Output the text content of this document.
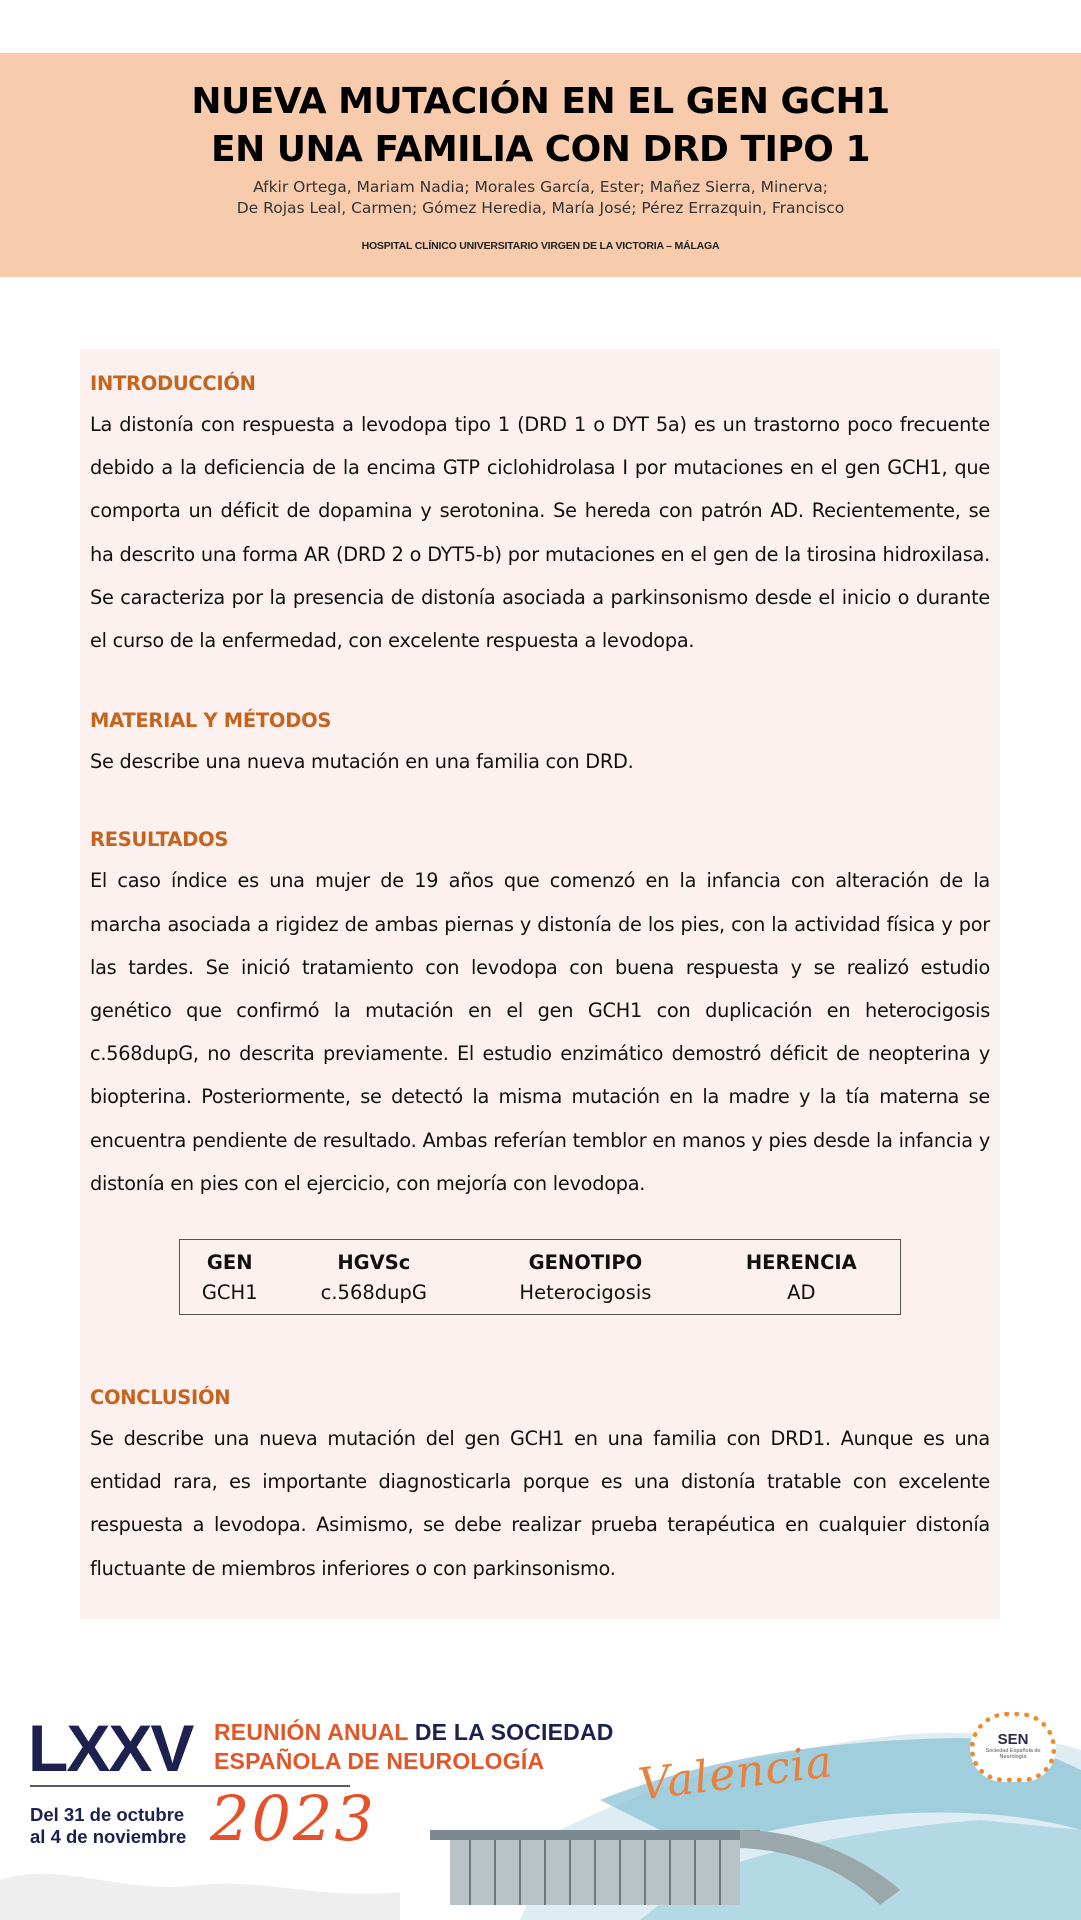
NUEVA MUTACIÓN EN EL GEN GCH1
EN UNA FAMILIA CON DRD TIPO 1
Afkir Ortega, Mariam Nadia; Morales García, Ester; Mañez Sierra, Minerva;
De Rojas Leal, Carmen; Gómez Heredia, María José; Pérez Errazquin, Francisco
HOSPITAL CLÍNICO UNIVERSITARIO VIRGEN DE LA VICTORIA – MÁLAGA
INTRODUCCIÓN

La distonía con respuesta a levodopa tipo 1 (DRD 1 o DYT 5a) es un trastorno poco frecuente debido a la deficiencia de la encima GTP ciclohidrolasa I por mutaciones en el gen GCH1, que comporta un déficit de dopamina y serotonina. Se hereda con patrón AD. Recientemente, se ha descrito una forma AR (DRD 2 o DYT5-b) por mutaciones en el gen de la tirosina hidroxilasa. Se caracteriza por la presencia de distonía asociada a parkinsonismo desde el inicio o durante el curso de la enfermedad, con excelente respuesta a levodopa.

MATERIAL Y MÉTODOS

Se describe una nueva mutación en una familia con DRD.

RESULTADOS

El caso índice es una mujer de 19 años que comenzó en la infancia con alteración de la marcha asociada a rigidez de ambas piernas y distonía de los pies, con la actividad física y por las tardes. Se inició tratamiento con levodopa con buena respuesta y se realizó estudio genético que confirmó la mutación en el gen GCH1 con duplicación en heterocigosis c.568dupG, no descrita previamente. El estudio enzimático demostró déficit de neopterina y biopterina. Posteriormente, se detectó la misma mutación en la madre y la tía materna se encuentra pendiente de resultado. Ambas referían temblor en manos y pies desde la infancia y distonía en pies con el ejercicio, con mejoría con levodopa.

GEN	HGVSc	GENOTIPO	HERENCIA
GCH1	c.568dupG	Heterocigosis	AD
CONCLUSIÓN

Se describe una nueva mutación del gen GCH1 en una familia con DRD1. Aunque es una entidad rara, es importante diagnosticarla porque es una distonía tratable con excelente respuesta a levodopa. Asimismo, se debe realizar prueba terapéutica en cualquier distonía fluctuante de miembros inferiores o con parkinsonismo.

LXXV REUNIÓN ANUAL DE LA SOCIEDAD
ESPAÑOLA DE NEUROLOGÍA	Valencia
Del 31 de octubre
al 4 de noviembre 2023
SEN
Sociedad Española de Neurología
